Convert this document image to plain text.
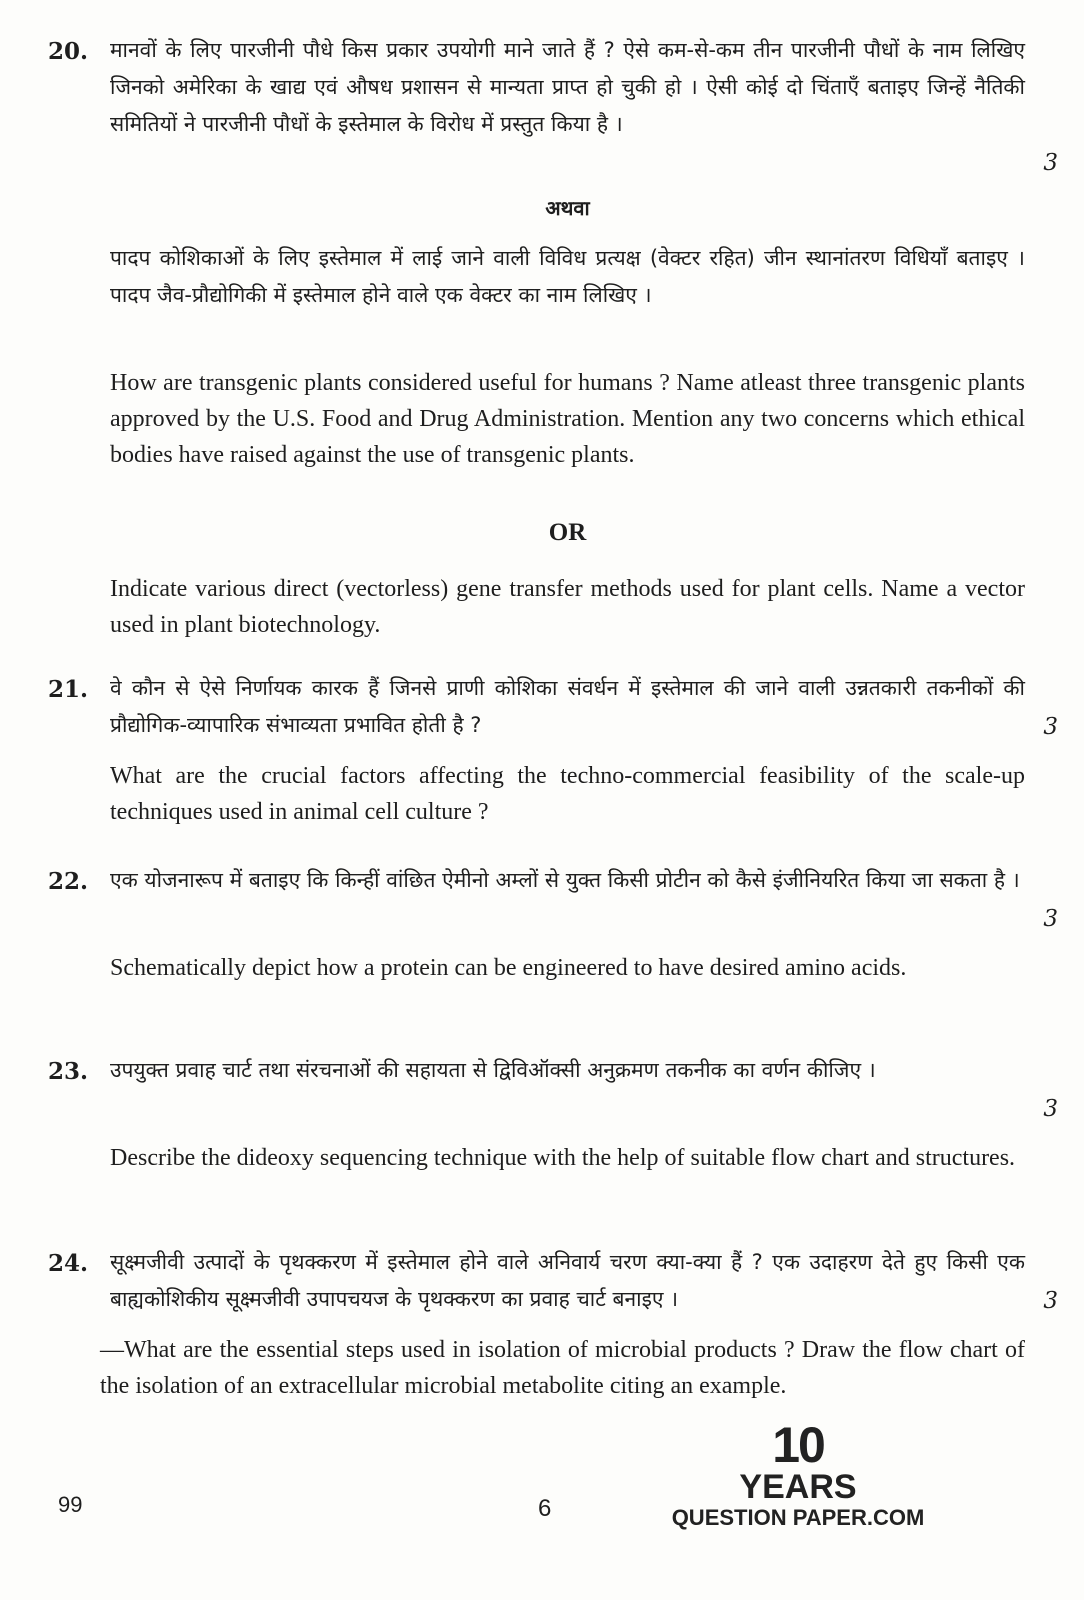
20. मानवों के लिए पारजीनी पौधे किस प्रकार उपयोगी माने जाते हैं ? ऐसे कम-से-कम तीन पारजीनी पौधों के नाम लिखिए जिनको अमेरिका के खाद्य एवं औषध प्रशासन से मान्यता प्राप्त हो चुकी हो । ऐसी कोई दो चिंताएँ बताइए जिन्हें नैतिकी समितियों ने पारजीनी पौधों के इस्तेमाल के विरोध में प्रस्तुत किया है ।
3
अथवा
पादप कोशिकाओं के लिए इस्तेमाल में लाई जाने वाली विविध प्रत्यक्ष (वेक्टर रहित) जीन स्थानांतरण विधियाँ बताइए । पादप जैव-प्रौद्योगिकी में इस्तेमाल होने वाले एक वेक्टर का नाम लिखिए ।
How are transgenic plants considered useful for humans ? Name atleast three transgenic plants approved by the U.S. Food and Drug Administration. Mention any two concerns which ethical bodies have raised against the use of transgenic plants.
OR
Indicate various direct (vectorless) gene transfer methods used for plant cells. Name a vector used in plant biotechnology.
21. वे कौन से ऐसे निर्णायक कारक हैं जिनसे प्राणी कोशिका संवर्धन में इस्तेमाल की जाने वाली उन्नतकारी तकनीकों की प्रौद्योगिक-व्यापारिक संभाव्यता प्रभावित होती है ?	3
What are the crucial factors affecting the techno-commercial feasibility of the scale-up techniques used in animal cell culture ?
22. एक योजनारूप में बताइए कि किन्हीं वांछित ऐमीनो अम्लों से युक्त किसी प्रोटीन को कैसे इंजीनियरित किया जा सकता है ।
3
Schematically depict how a protein can be engineered to have desired amino acids.
23. उपयुक्त प्रवाह चार्ट तथा संरचनाओं की सहायता से द्विविऑक्सी अनुक्रमण तकनीक का वर्णन कीजिए ।
3
Describe the dideoxy sequencing technique with the help of suitable flow chart and structures.
24. सूक्ष्मजीवी उत्पादों के पृथक्करण में इस्तेमाल होने वाले अनिवार्य चरण क्या-क्या हैं ? एक उदाहरण देते हुए किसी एक बाह्यकोशिकीय सूक्ष्मजीवी उपापचयज के पृथक्करण का प्रवाह चार्ट बनाइए ।	3
—What are the essential steps used in isolation of microbial products ? Draw the flow chart of the isolation of an extracellular microbial metabolite citing an example.
99	6
10
YEARS
QUESTION PAPER.COM
